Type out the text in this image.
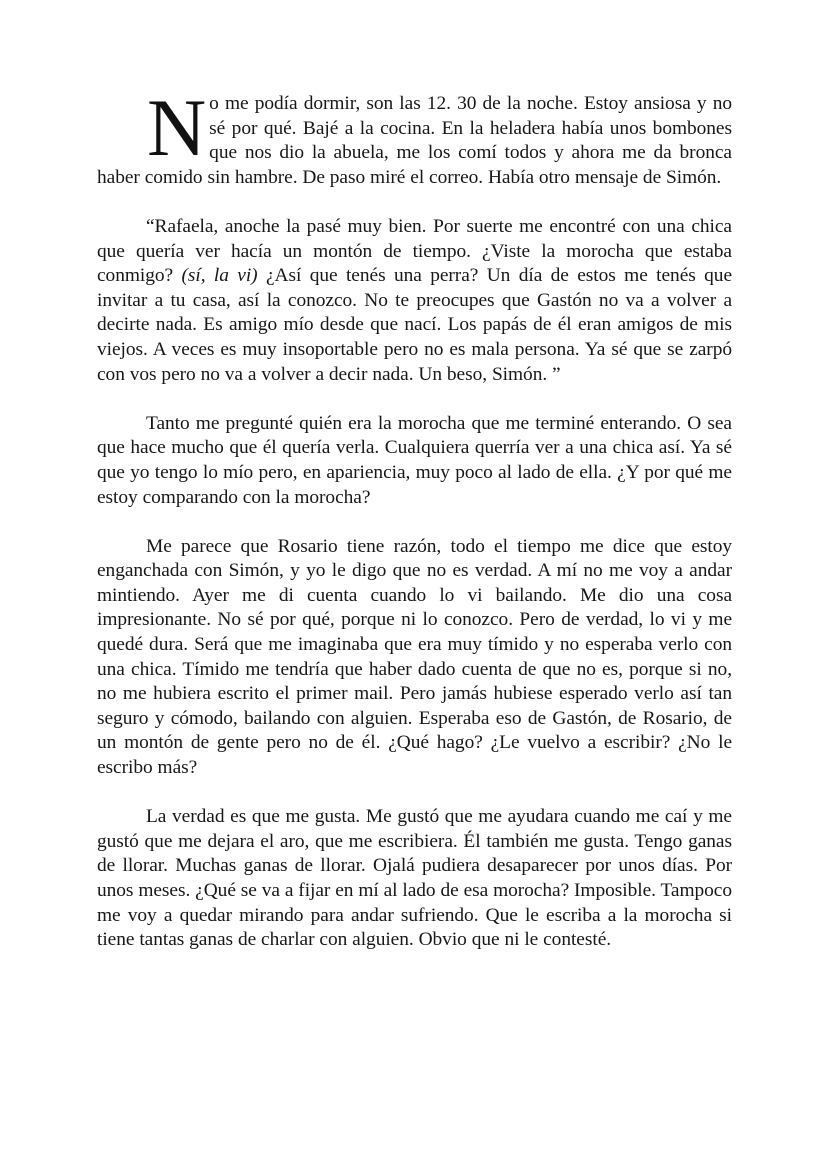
No me podía dormir, son las 12. 30 de la noche. Estoy ansiosa y no sé por qué. Bajé a la cocina. En la heladera había unos bombones que nos dio la abuela, me los comí todos y ahora me da bronca haber comido sin hambre. De paso miré el correo. Había otro mensaje de Simón.

“Rafaela, anoche la pasé muy bien. Por suerte me encontré con una chica que quería ver hacía un montón de tiempo. ¿Viste la morocha que estaba conmigo? (sí, la vi) ¿Así que tenés una perra? Un día de estos me tenés que invitar a tu casa, así la conozco. No te preocupes que Gastón no va a volver a decirte nada. Es amigo mío desde que nací. Los papás de él eran amigos de mis viejos. A veces es muy insoportable pero no es mala persona. Ya sé que se zarpó con vos pero no va a volver a decir nada. Un beso, Simón. ”

Tanto me pregunté quién era la morocha que me terminé enterando. O sea que hace mucho que él quería verla. Cualquiera querría ver a una chica así. Ya sé que yo tengo lo mío pero, en apariencia, muy poco al lado de ella. ¿Y por qué me estoy comparando con la morocha?

Me parece que Rosario tiene razón, todo el tiempo me dice que estoy enganchada con Simón, y yo le digo que no es verdad. A mí no me voy a andar mintiendo. Ayer me di cuenta cuando lo vi bailando. Me dio una cosa impresionante. No sé por qué, porque ni lo conozco. Pero de verdad, lo vi y me quedé dura. Será que me imaginaba que era muy tímido y no esperaba verlo con una chica. Tímido me tendría que haber dado cuenta de que no es, porque si no, no me hubiera escrito el primer mail. Pero jamás hubiese esperado verlo así tan seguro y cómodo, bailando con alguien. Esperaba eso de Gastón, de Rosario, de un montón de gente pero no de él. ¿Qué hago? ¿Le vuelvo a escribir? ¿No le escribo más?

La verdad es que me gusta. Me gustó que me ayudara cuando me caí y me gustó que me dejara el aro, que me escribiera. Él también me gusta. Tengo ganas de llorar. Muchas ganas de llorar. Ojalá pudiera desaparecer por unos días. Por unos meses. ¿Qué se va a fijar en mí al lado de esa morocha? Imposible. Tampoco me voy a quedar mirando para andar sufriendo. Que le escriba a la morocha si tiene tantas ganas de charlar con alguien. Obvio que ni le contesté.
